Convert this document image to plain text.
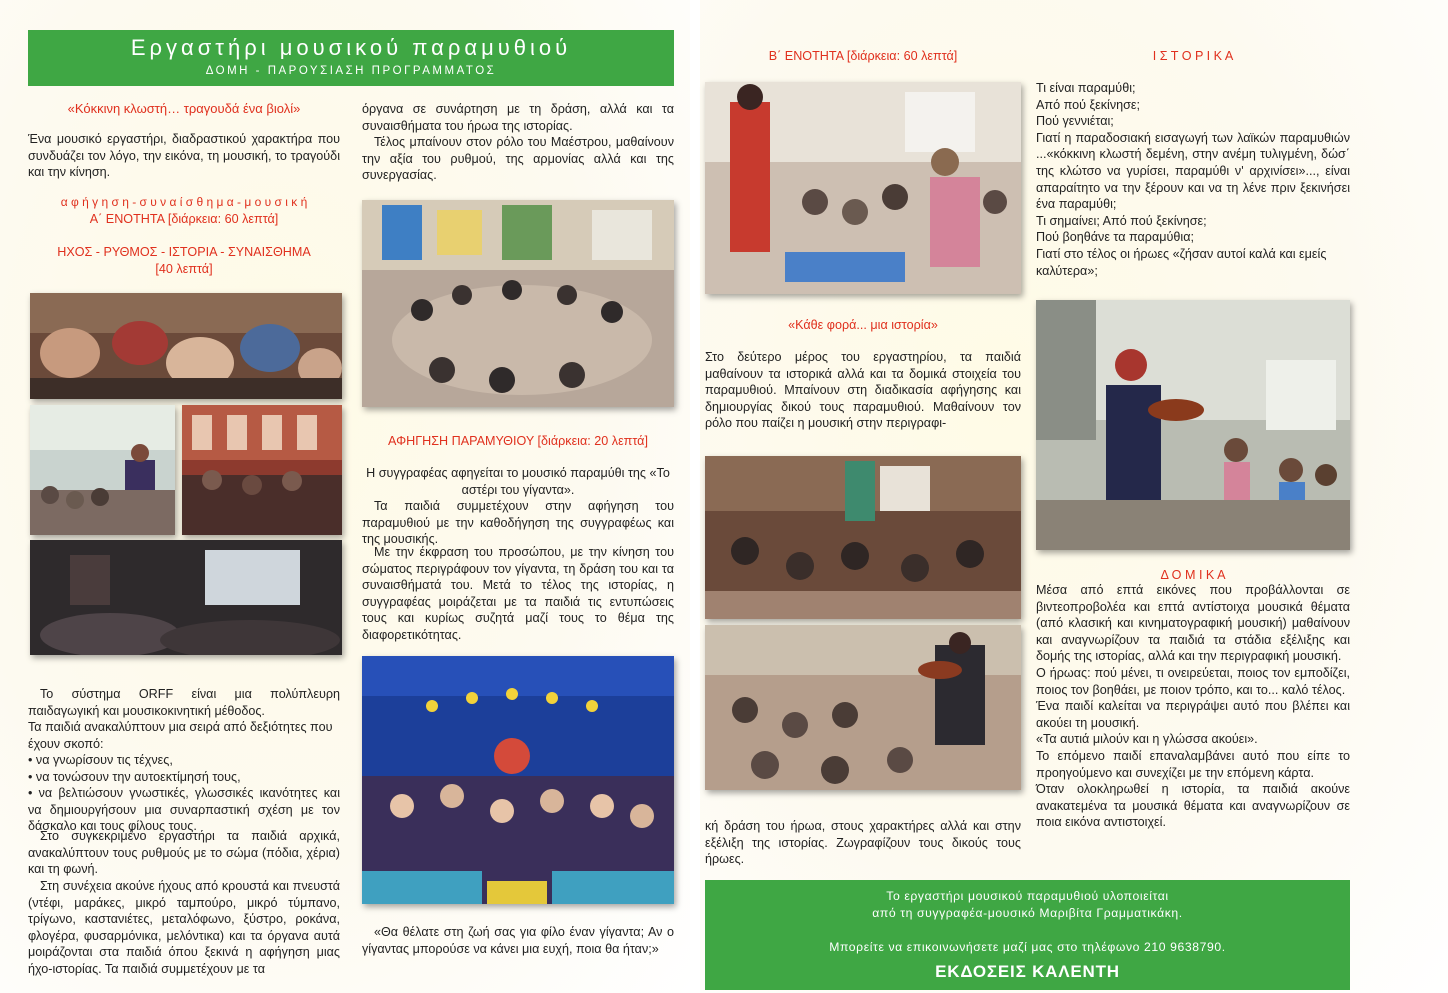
Εργαστήρι μουσικού παραμυθιού
ΔΟΜΗ - ΠΑΡΟΥΣΙΑΣΗ ΠΡΟΓΡΑΜΜΑΤΟΣ
«Κόκκινη κλωστή… τραγουδά ένα βιολί»

Ένα μουσικό εργαστήρι, διαδραστικού χαρακτήρα που συνδυάζει τον λόγο, την εικόνα, τη μουσική, το τραγούδι και την κίνηση.

α φ ή γ η σ η - σ υ ν α ί σ θ η μ α - μ ο υ σ ι κ ή
Α΄ ΕΝΟΤΗΤΑ [διάρκεια: 60 λεπτά]
ΗΧΟΣ - ΡΥΘΜΟΣ - ΙΣΤΟΡΙΑ - ΣΥΝΑΙΣΘΗΜΑ
[40 λεπτά]

Το σύστημα ORFF είναι μια πολύπλευρη παιδαγωγική και μουσικοκινητική μέθοδος.

Τα παιδιά ανακαλύπτουν μια σειρά από δεξιότητες που έχουν σκοπό:

• να γνωρίσουν τις τέχνες,
• να τονώσουν την αυτοεκτίμησή τους,
• να βελτιώσουν γνωστικές, γλωσσικές ικανότητες και να δημιουργήσουν μια συναρπαστική σχέση με τον δάσκαλο και τους φίλους τους.

Στο συγκεκριμένο εργαστήρι τα παιδιά αρχικά, ανακαλύπτουν τους ρυθμούς με το σώμα (πόδια, χέρια) και τη φωνή.

Στη συνέχεια ακούνε ήχους από κρουστά και πνευστά (ντέφι, μαράκες, μικρό ταμπούρο, μικρό τύμπανο, τρίγωνο, καστανιέτες, μεταλόφωνο, ξύστρο, ροκάνα, φλογέρα, φυσαρμόνικα, μελόντικα) και τα όργανα αυτά μοιράζονται στα παιδιά όπου ξεκινά η αφήγηση μιας ήχο-ιστορίας. Τα παιδιά συμμετέχουν με τα

όργανα σε συνάρτηση με τη δράση, αλλά και τα συναισθήματα του ήρωα της ιστορίας.

Τέλος μπαίνουν στον ρόλο του Μαέστρου, μαθαίνουν την αξία του ρυθμού, της αρμονίας αλλά και της συνεργασίας.

ΑΦΗΓΗΣΗ ΠΑΡΑΜΥΘΙΟΥ [διάρκεια: 20 λεπτά]

Η συγγραφέας αφηγείται το μουσικό παραμύθι της «Το αστέρι του γίγαντα».

Τα παιδιά συμμετέχουν στην αφήγηση του παραμυθιού με την καθοδήγηση της συγγραφέως και της μουσικής.

Με την έκφραση του προσώπου, με την κίνηση του σώματος περιγράφουν τον γίγαντα, τη δράση του και τα συναισθήματά του. Μετά το τέλος της ιστορίας, η συγγραφέας μοιράζεται με τα παιδιά τις εντυπώσεις τους και κυρίως συζητά μαζί τους το θέμα της διαφορετικότητας.

«Θα θέλατε στη ζωή σας για φίλο έναν γίγαντα; Αν ο γίγαντας μπορούσε να κάνει μια ευχή, ποια θα ήταν;»

Β΄ ΕΝΟΤΗΤΑ [διάρκεια: 60 λεπτά]
«Κάθε φορά... μια ιστορία»

Στο δεύτερο μέρος του εργαστηρίου, τα παιδιά μαθαίνουν τα ιστορικά αλλά και τα δομικά στοιχεία του παραμυθιού. Μπαίνουν στη διαδικασία αφήγησης και δημιουργίας δικού τους παραμυθιού. Μαθαίνουν τον ρόλο που παίζει η μουσική στην περιγραφι-

κή δράση του ήρωα, στους χαρακτήρες αλλά και στην εξέλιξη της ιστορίας. Ζωγραφίζουν τους δικούς τους ήρωες.

Ι Σ Τ Ο Ρ Ι Κ Α
Τι είναι παραμύθι;
Από πού ξεκίνησε;
Πού γεννιέται;
Γιατί η παραδοσιακή εισαγωγή των λαϊκών παραμυθιών ...«κόκκινη κλωστή δεμένη, στην ανέμη τυλιγμένη, δώσ΄ της κλώτσο να γυρίσει, παραμύθι ν' αρχινίσει»..., είναι απαραίτητο να την ξέρουν και να τη λένε πριν ξεκινήσει ένα παραμύθι;
Τι σημαίνει; Από πού ξεκίνησε;
Πού βοηθάνε τα παραμύθια;
Γιατί στο τέλος οι ήρωες «ζήσαν αυτοί καλά και εμείς καλύτερα»;
Δ Ο Μ Ι Κ Α
Μέσα από επτά εικόνες που προβάλλονται σε βιντεοπροβολέα και επτά αντίστοιχα μουσικά θέματα (από κλασική και κινηματογραφική μουσική) μαθαίνουν και αναγνωρίζουν τα παιδιά τα στάδια εξέλιξης και δομής της ιστορίας, αλλά και την περιγραφική μουσική.
Ο ήρωας: πού μένει, τι ονειρεύεται, ποιος τον εμποδίζει, ποιος τον βοηθάει, με ποιον τρόπο, και το... καλό τέλος.
Ένα παιδί καλείται να περιγράψει αυτό που βλέπει και ακούει τη μουσική.
«Τα αυτιά μιλούν και η γλώσσα ακούει».
Το επόμενο παιδί επαναλαμβάνει αυτό που είπε το προηγούμενο και συνεχίζει με την επόμενη κάρτα.
Όταν ολοκληρωθεί η ιστορία, τα παιδιά ακούνε ανακατεμένα τα μουσικά θέματα και αναγνωρίζουν σε ποια εικόνα αντιστοιχεί.
Το εργαστήρι μουσικού παραμυθιού υλοποιείται
από τη συγγραφέα-μουσικό Μαριβίτα Γραμματικάκη.
Μπορείτε να επικοινωνήσετε μαζί μας στο τηλέφωνο 210 9638790.
ΕΚΔΟΣΕΙΣ ΚΑΛΕΝΤΗ
